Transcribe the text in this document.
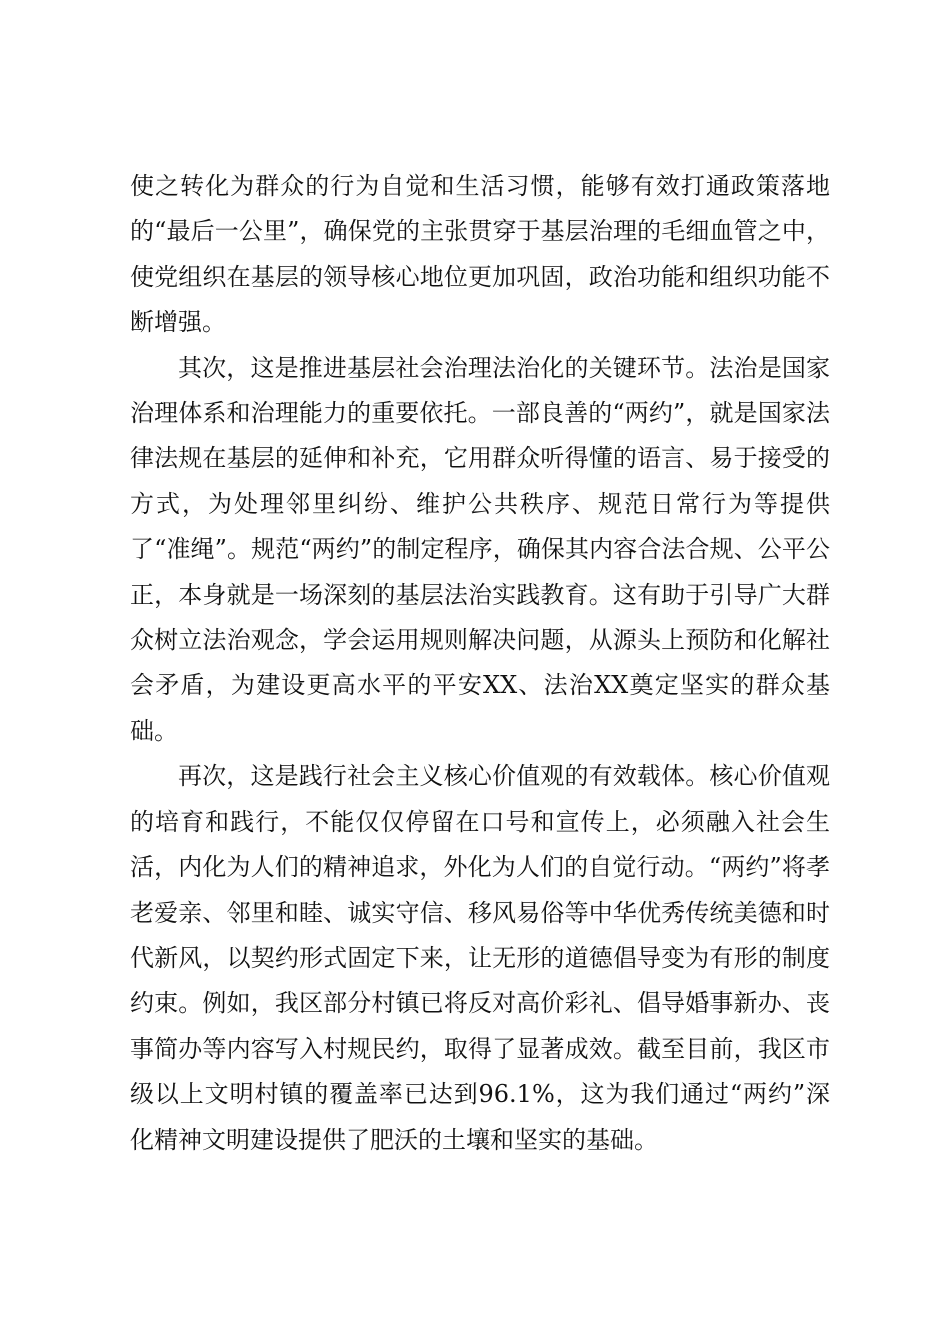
使之转化为群众的行为自觉和生活习惯，能够有效打通政策落地的“最后一公里”，确保党的主张贯穿于基层治理的毛细血管之中，使党组织在基层的领导核心地位更加巩固，政治功能和组织功能不断增强。

其次，这是推进基层社会治理法治化的关键环节。法治是国家治理体系和治理能力的重要依托。一部良善的“两约”，就是国家法律法规在基层的延伸和补充，它用群众听得懂的语言、易于接受的方式，为处理邻里纠纷、维护公共秩序、规范日常行为等提供了“准绳”。规范“两约”的制定程序，确保其内容合法合规、公平公正，本身就是一场深刻的基层法治实践教育。这有助于引导广大群众树立法治观念，学会运用规则解决问题，从源头上预防和化解社会矛盾，为建设更高水平的平安XX、法治XX奠定坚实的群众基础。

再次，这是践行社会主义核心价值观的有效载体。核心价值观的培育和践行，不能仅仅停留在口号和宣传上，必须融入社会生活，内化为人们的精神追求，外化为人们的自觉行动。“两约”将孝老爱亲、邻里和睦、诚实守信、移风易俗等中华优秀传统美德和时代新风，以契约形式固定下来，让无形的道德倡导变为有形的制度约束。例如，我区部分村镇已将反对高价彩礼、倡导婚事新办、丧事简办等内容写入村规民约，取得了显著成效。截至目前，我区市级以上文明村镇的覆盖率已达到96.1%，这为我们通过“两约”深化精神文明建设提供了肥沃的土壤和坚实的基础。
